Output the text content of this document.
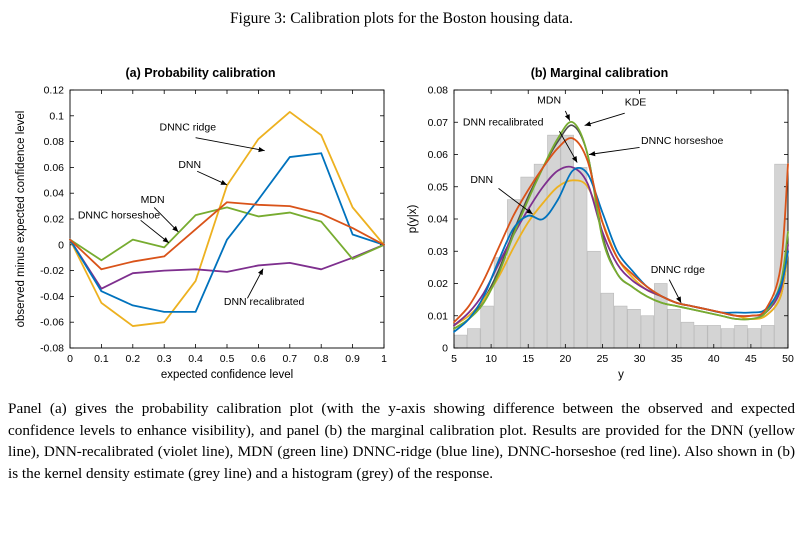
Figure 3: Calibration plots for the Boston housing data.
(a) Probability calibration
0 0.1 0.2 0.3 0.4 0.5 0.6 0.7 0.8 0.9 1
-0.08
-0.06
-0.04
-0.02
0
0.02
0.04
0.06
0.08
0.1
0.12
expected confidence level
observed minus expected confidence level	DNNC ridge
DNN
MDN
DNNC horseshoe
DNN recalibrated
(b) Marginal calibration
5	10 15 20 25 30 35 40 45 50
0
0.01
0.02
0.03
0.04
0.05
0.06
0.07
0.08
y
p(y|x)
MDN	KDE
DNN recalibrated
DNNC horseshoe
DNN
DNNC rdge
Panel (a) gives the probability calibration plot (with the y-axis showing difference between the observed and expected confidence levels to enhance visibility), and panel (b) the marginal calibration plot. Results are provided for the DNN (yellow line), DNN-recalibrated (violet line), MDN (green line) DNNC-ridge (blue line), DNNC-horseshoe (red line). Also shown in (b) is the kernel density estimate (grey line) and a histogram (grey) of the response.
